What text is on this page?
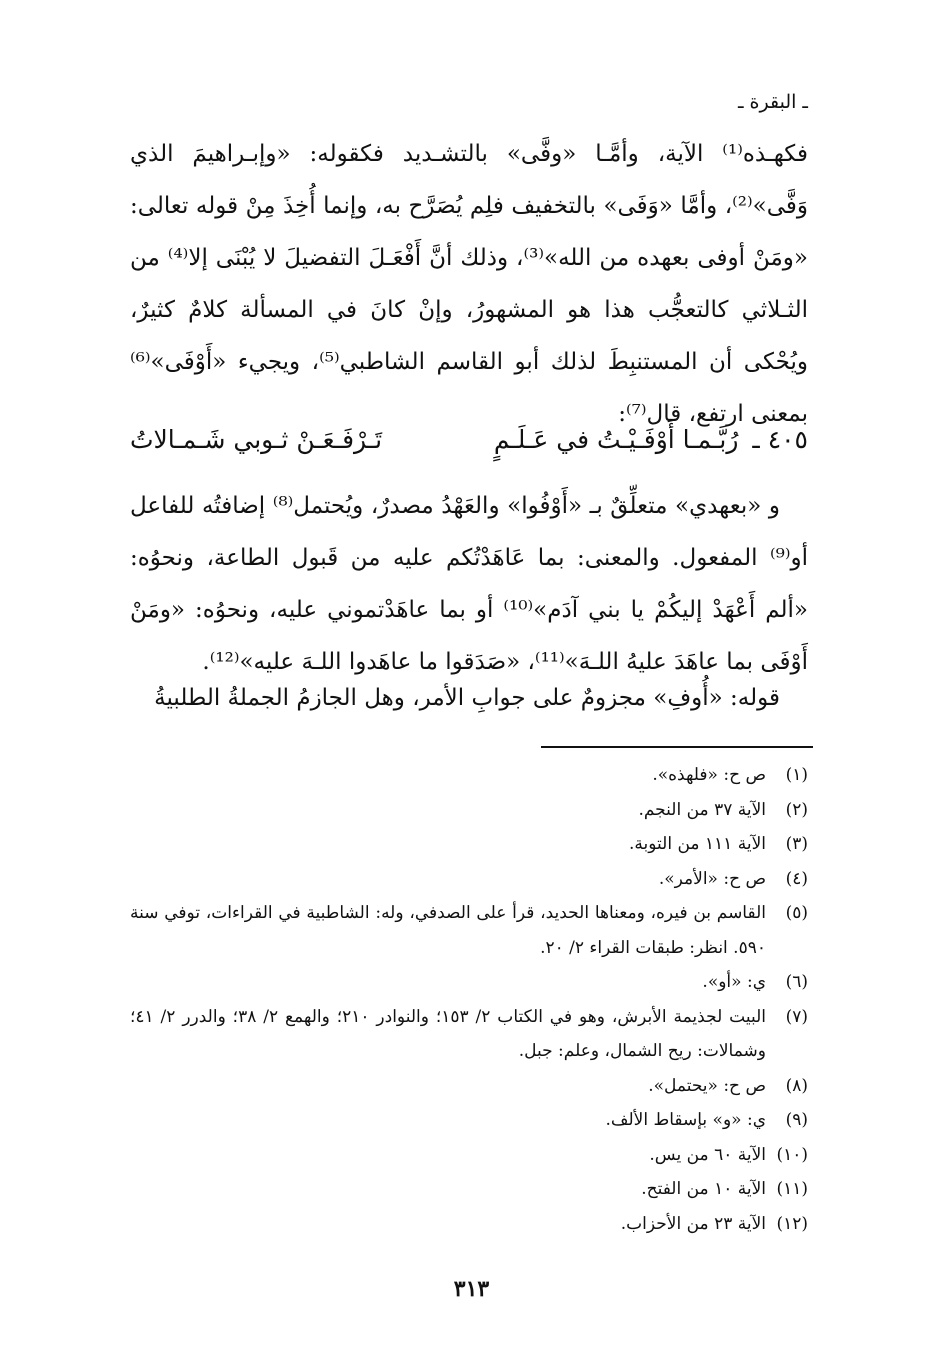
ـ البقرة ـ

فكهـذه⁽¹⁾ الآية، وأمَّـا «وفَّى» بالتشـديد فكقوله: «وإبـراهيمَ الذي وَفَّى»⁽²⁾، وأمَّا «وَفَى» بالتخفيف فلِم يُصَرَّح به، وإنما أُخِذَ مِنْ قوله تعالى: «ومَنْ أوفى بعهده من الله»⁽³⁾، وذلك أنَّ أَفْعَـلَ التفضيلَ لا يُبْنَى إلا⁽⁴⁾ من الثـلاثي كالتعجُّب هذا هو المشهورُ، وإنْ كانَ في المسألة كلامٌ كثيرٌ، ويُحْكى أن المستنبِطَ لذلك أبو القاسم الشاطبي⁽⁵⁾، ويجيء «أَوْفَى»⁽⁶⁾ بمعنى ارتفع، قال⁽⁷⁾:

٤٠٥ ـ
رُبَّـمـا أَوْفَـيْـتُ في عَـلَـمٍ
تَـرْفَـعَـنْ ثـوبي شَـمـالاتُ

و «بعهدي» متعلِّقٌ بـ «أَوْفُوا» والعَهْدُ مصدرٌ، ويُحتمل⁽⁸⁾ إضافتُه للفاعل أو⁽⁹⁾ المفعول. والمعنى: بما عَاهَدْتُكم عليه من قَبول الطاعة، ونحوُه: «ألم أَعْهَدْ إليكُمْ يا بني آدَم»⁽¹⁰⁾ أو بما عاهَدْتموني عليه، ونحوُه: «ومَنْ أَوْفَى بما عاهَدَ عليهُ اللـهَ»⁽¹¹⁾، «صَدَقوا ما عاهَدوا اللـهَ عليه»⁽¹²⁾.

قوله: «أُوفِ» مجزومٌ على جوابِ الأمر، وهل الجازمُ الجملةُ الطلبيةُ

(١)
ص ح: «فلهذه».
(٢)
الآية ٣٧ من النجم.
(٣)
الآية ١١١ من التوبة.
(٤)
ص ح: «الأمر».
(٥)
القاسم بن فيره، ومعناها الحديد، قرأ على الصدفي، وله: الشاطبية في القراءات، توفي سنة ٥٩٠. انظر: طبقات القراء ٢/ ٢٠.
(٦)
ي: «أو».
(٧)
البيت لجذيمة الأبرش، وهو في الكتاب ٢/ ١٥٣؛ والنوادر ٢١٠؛ والهمع ٢/ ٣٨؛ والدرر ٢/ ٤١؛ وشمالات: ريح الشمال، وعلم: جبل.
(٨)
ص ح: «يحتمل».
(٩)
ي: «و» بإسقاط الألف.
(١٠)
الآية ٦٠ من يس.
(١١)
الآية ١٠ من الفتح.
(١٢)
الآية ٢٣ من الأحزاب.
٣١٣
